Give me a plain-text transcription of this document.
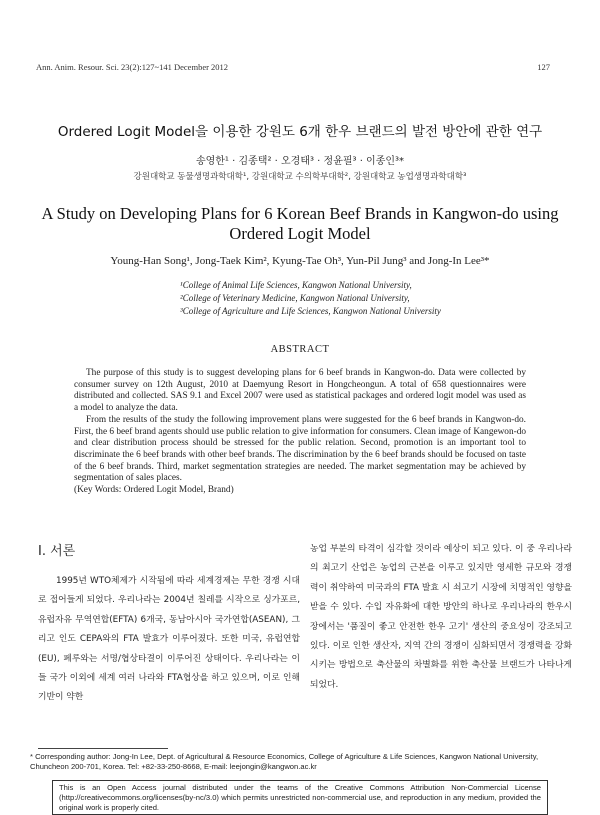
Ann. Anim. Resour. Sci. 23(2):127~141 December 2012	127
Ordered Logit Model을 이용한 강원도 6개 한우 브랜드의 발전 방안에 관한 연구
송영한¹ · 김종택² · 오경태³ · 정윤필³ · 이종인³*
강원대학교 동물생명과학대학¹, 강원대학교 수의학부대학², 강원대학교 농업생명과학대학³
A Study on Developing Plans for 6 Korean Beef Brands in Kangwon-do using
Ordered Logit Model
Young-Han Song¹, Jong-Taek Kim², Kyung-Tae Oh³, Yun-Pil Jung³ and Jong-In Lee³*
¹College of Animal Life Sciences, Kangwon National University,
²College of Veterinary Medicine, Kangwon National University,
³College of Agriculture and Life Sciences, Kangwon National University
ABSTRACT

The purpose of this study is to suggest developing plans for 6 beef brands in Kangwon-do. Data were collected by consumer survey on 12th August, 2010 at Daemyung Resort in Hongcheongun. A total of 658 questionnaires were distributed and collected. SAS 9.1 and Excel 2007 were used as statistical packages and ordered logit model was used as a model to analyze the data.

From the results of the study the following improvement plans were suggested for the 6 beef brands in Kangwon-do. First, the 6 beef brand agents should use public relation to give information for consumers. Clean image of Kangewon-do and clear distribution process should be stressed for the public relation. Second, promotion is an important tool to discriminate the 6 beef brands with other beef brands. The discrimination by the 6 beef brands should be focused on taste of the 6 beef brands. Third, market segmentation strategies are needed. The market segmentation may be achieved by segmentation of sales places.

(Key Words: Ordered Logit Model, Brand)

I. 서론

1995년 WTO체제가 시작됨에 따라 세계경제는 무한 경쟁 시대로 접어들게 되었다. 우리나라는 2004년 칠레를 시작으로 싱가포르, 유럽자유 무역연합(EFTA) 6개국, 동남아시아 국가연합(ASEAN), 그리고 인도 CEPA와의 FTA 발효가 이루어졌다. 또한 미국, 유럽연합(EU), 페루와는 서명/협상타결이 이루어진 상태이다. 우리나라는 이들 국가 이외에 세계 여러 나라와 FTA협상을 하고 있으며, 이로 인해 기반이 약한

농업 부분의 타격이 심각할 것이라 예상이 되고 있다. 이 중 우리나라의 최고기 산업은 농업의 근본을 이루고 있지만 영세한 규모와 경쟁력이 취약하여 미국과의 FTA 발효 시 쇠고기 시장에 치명적인 영향을 받을 수 있다. 수입 자유화에 대한 방안의 하나로 우리나라의 한우시장에서는 '품질이 좋고 안전한 한우 고기' 생산의 중요성이 강조되고 있다. 이로 인한 생산자, 지역 간의 경쟁이 심화되면서 경쟁력을 강화시키는 방법으로 축산물의 차별화를 위한 축산물 브랜드가 나타나게 되었다.

* Corresponding author: Jong-In Lee, Dept. of Agricultural & Resource Economics, College of Agriculture & Life Sciences, Kangwon National University, Chuncheon 200-701, Korea. Tel: +82-33-250-8668, E-mail: leejongin@kangwon.ac.kr
This is an Open Access journal distributed under the teams of the Creative Commons Attribution Non-Commercial License (http://creativecommons.org/licenses(by-nc/3.0) which permits unrestricted non-commercial use, and reproduction in any medium, provided the original work is properly cited.
